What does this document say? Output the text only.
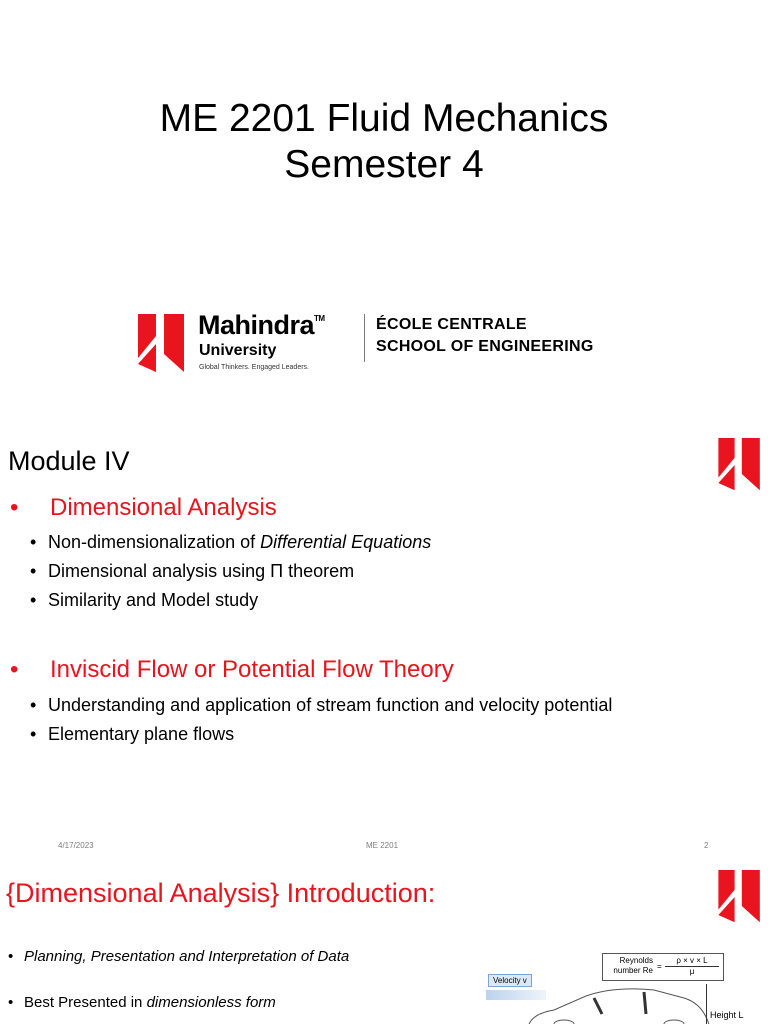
ME 2201 Fluid Mechanics
Semester 4
Mahindra™
University
Global Thinkers. Engaged Leaders.
ÉCOLE CENTRALE
SCHOOL OF ENGINEERING
Module IV
• Dimensional Analysis
• Non-dimensionalization of Differential Equations
• Dimensional analysis using Π theorem
• Similarity and Model study
• Inviscid Flow or Potential Flow Theory
• Understanding and application of stream function and velocity potential
• Elementary plane flows
4/17/2023	ME 2201	2
{Dimensional Analysis} Introduction:
• Planning, Presentation and Interpretation of Data
• Best Presented in dimensionless form
Reynolds
number $Re = \frac{\rho \times v \times L}{\mu}$
Velocity v
Height L
